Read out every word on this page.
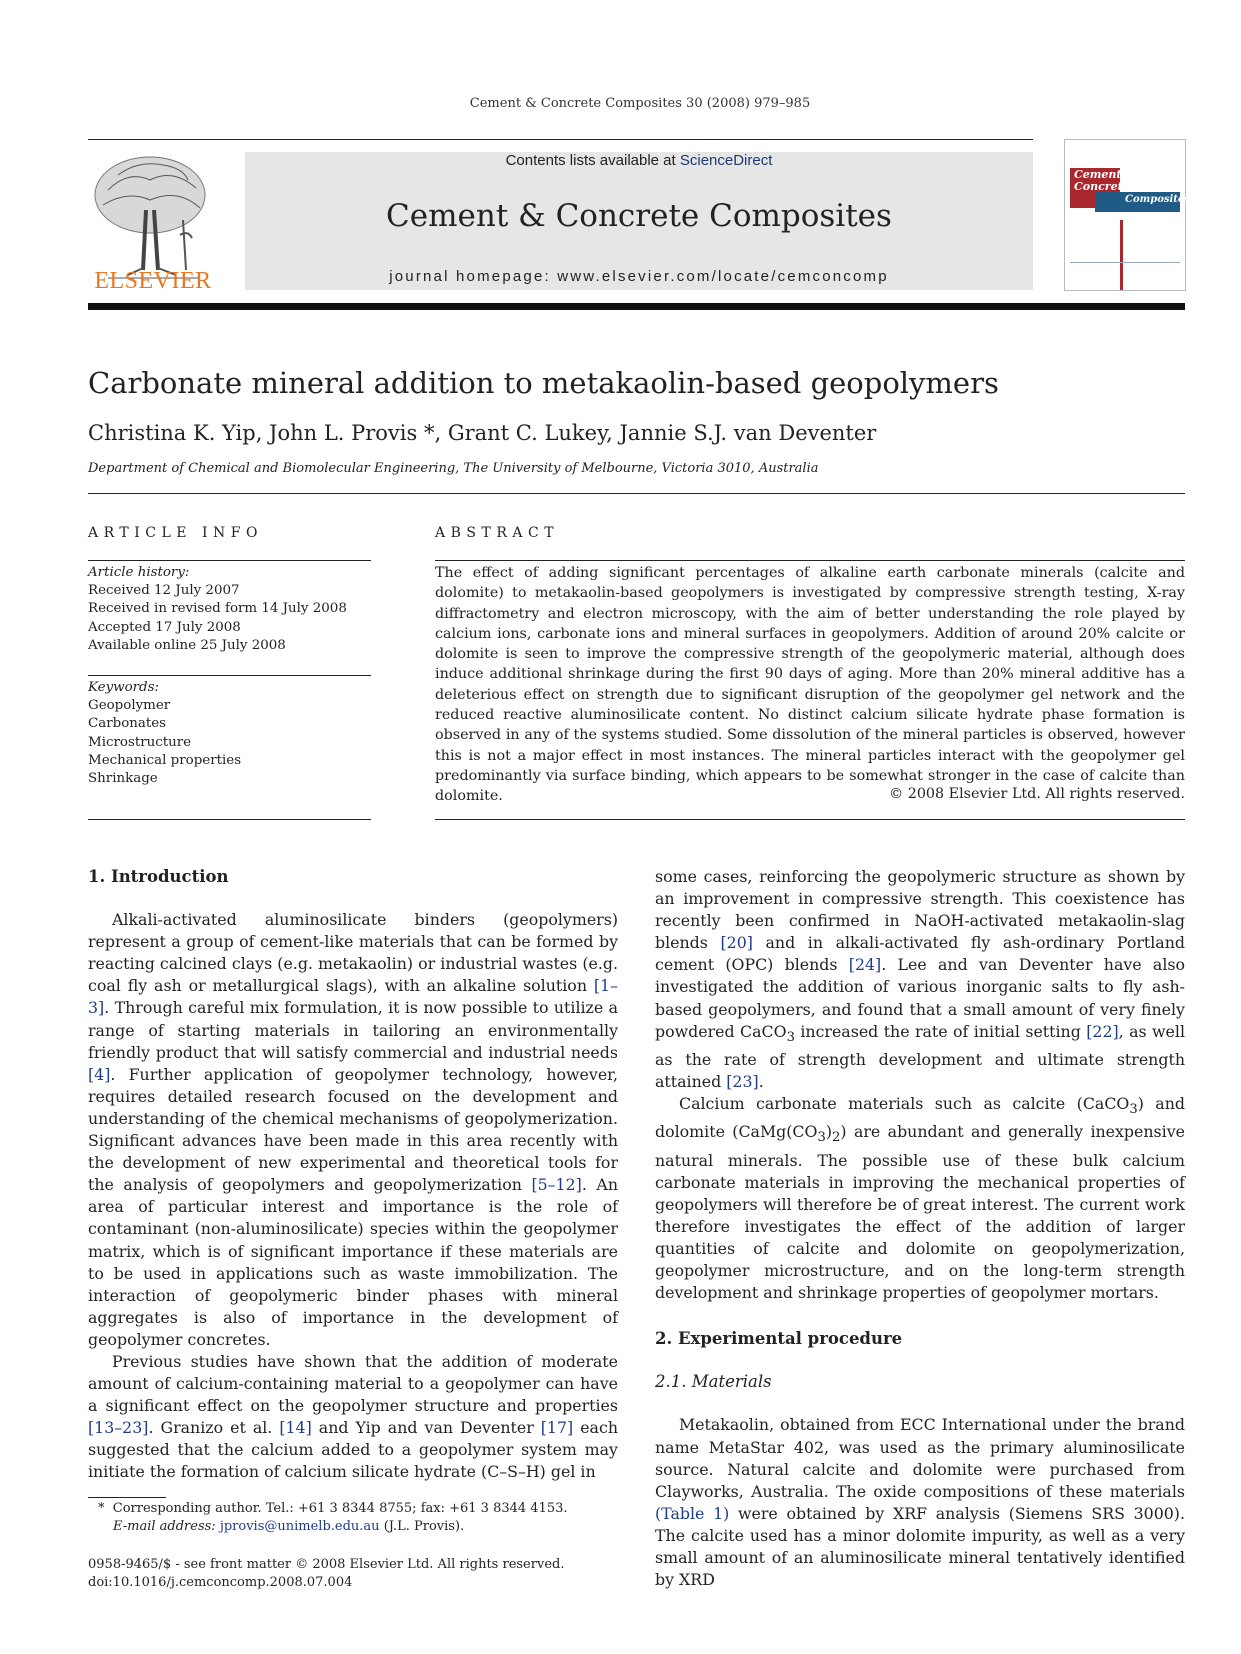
Cement & Concrete Composites 30 (2008) 979–985
ELSEVIER
Contents lists available at ScienceDirect
Cement & Concrete Composites
journal homepage: www.elsevier.com/locate/cemconcomp
Cement &
Concrete
Composites
Carbonate mineral addition to metakaolin-based geopolymers
Christina K. Yip, John L. Provis *, Grant C. Lukey, Jannie S.J. van Deventer
Department of Chemical and Biomolecular Engineering, The University of Melbourne, Victoria 3010, Australia
ARTICLE INFO
Article history:
Received 12 July 2007
Received in revised form 14 July 2008
Accepted 17 July 2008
Available online 25 July 2008
Keywords:
Geopolymer
Carbonates
Microstructure
Mechanical properties
Shrinkage
ABSTRACT
The effect of adding significant percentages of alkaline earth carbonate minerals (calcite and dolomite) to metakaolin-based geopolymers is investigated by compressive strength testing, X-ray diffractometry and electron microscopy, with the aim of better understanding the role played by calcium ions, carbonate ions and mineral surfaces in geopolymers. Addition of around 20% calcite or dolomite is seen to improve the compressive strength of the geopolymeric material, although does induce additional shrinkage during the first 90 days of aging. More than 20% mineral additive has a deleterious effect on strength due to significant disruption of the geopolymer gel network and the reduced reactive aluminosilicate content. No distinct calcium silicate hydrate phase formation is observed in any of the systems studied. Some dissolution of the mineral particles is observed, however this is not a major effect in most instances. The mineral particles interact with the geopolymer gel predominantly via surface binding, which appears to be somewhat stronger in the case of calcite than dolomite.	© 2008 Elsevier Ltd. All rights reserved.
1. Introduction

Alkali-activated aluminosilicate binders (geopolymers) represent a group of cement-like materials that can be formed by reacting calcined clays (e.g. metakaolin) or industrial wastes (e.g. coal fly ash or metallurgical slags), with an alkaline solution [1–3]. Through careful mix formulation, it is now possible to utilize a range of starting materials in tailoring an environmentally friendly product that will satisfy commercial and industrial needs [4]. Further application of geopolymer technology, however, requires detailed research focused on the development and understanding of the chemical mechanisms of geopolymerization. Significant advances have been made in this area recently with the development of new experimental and theoretical tools for the analysis of geopolymers and geopolymerization [5–12]. An area of particular interest and importance is the role of contaminant (non-aluminosilicate) species within the geopolymer matrix, which is of significant importance if these materials are to be used in applications such as waste immobilization. The interaction of geopolymeric binder phases with mineral aggregates is also of importance in the development of geopolymer concretes.

Previous studies have shown that the addition of moderate amount of calcium-containing material to a geopolymer can have a significant effect on the geopolymer structure and properties [13–23]. Granizo et al. [14] and Yip and van Deventer [17] each suggested that the calcium added to a geopolymer system may initiate the formation of calcium silicate hydrate (C–S–H) gel in

some cases, reinforcing the geopolymeric structure as shown by an improvement in compressive strength. This coexistence has recently been confirmed in NaOH-activated metakaolin-slag blends [20] and in alkali-activated fly ash-ordinary Portland cement (OPC) blends [24]. Lee and van Deventer have also investigated the addition of various inorganic salts to fly ash-based geopolymers, and found that a small amount of very finely powdered CaCO$_3$ increased the rate of initial setting [22], as well as the rate of strength development and ultimate strength attained [23].

Calcium carbonate materials such as calcite (CaCO$_3$) and dolomite $(CaMg(CO_3)_2)$ are abundant and generally inexpensive natural minerals. The possible use of these bulk calcium carbonate materials in improving the mechanical properties of geopolymers will therefore be of great interest. The current work therefore investigates the effect of the addition of larger quantities of calcite and dolomite on geopolymerization, geopolymer microstructure, and on the long-term strength development and shrinkage properties of geopolymer mortars.

2. Experimental procedure
2.1. Materials

Metakaolin, obtained from ECC International under the brand name MetaStar 402, was used as the primary aluminosilicate source. Natural calcite and dolomite were purchased from Clayworks, Australia. The oxide compositions of these materials (Table 1) were obtained by XRF analysis (Siemens SRS 3000). The calcite used has a minor dolomite impurity, as well as a very small amount of an aluminosilicate mineral tentatively identified by XRD

* Corresponding author. Tel.: +61 3 8344 8755; fax: +61 3 8344 4153.
E-mail address: jprovis@unimelb.edu.au (J.L. Provis).
0958-9465/$ - see front matter © 2008 Elsevier Ltd. All rights reserved.
doi:10.1016/j.cemconcomp.2008.07.004
